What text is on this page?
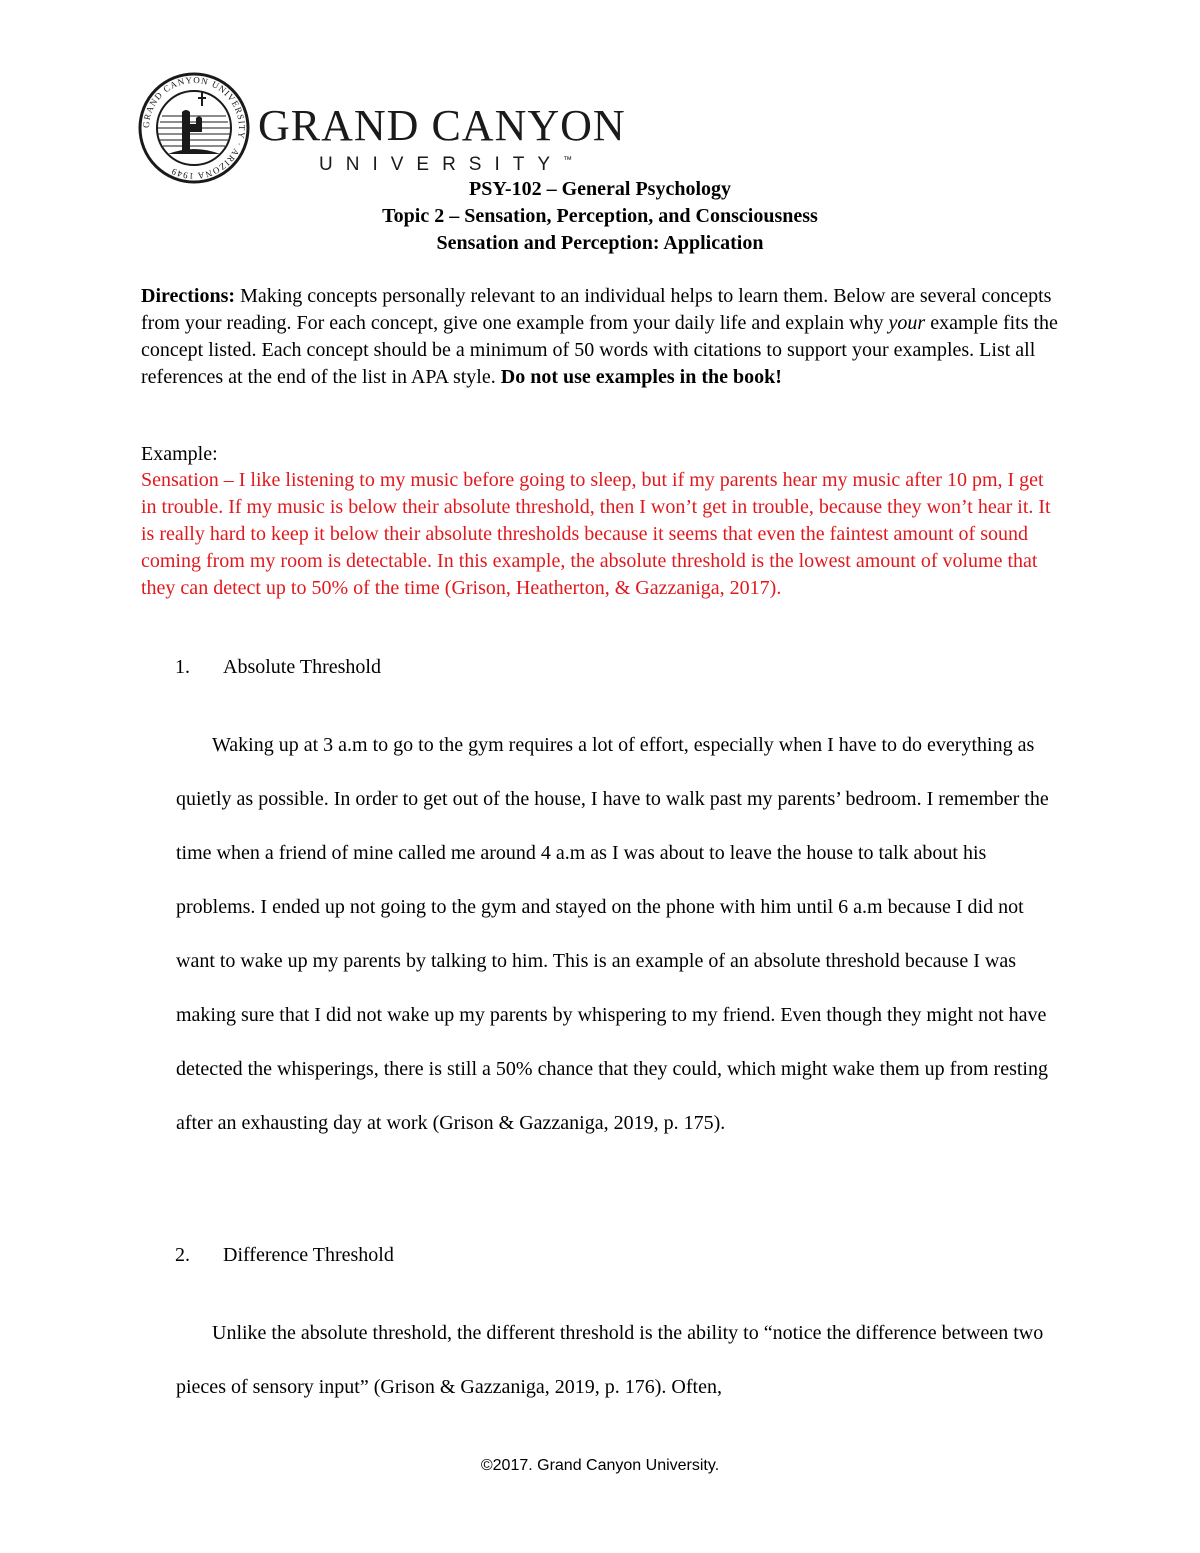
GRAND CANYON UNIVERSITY · ARIZONA 1949
GRAND CANYON
UNIVERSITY™
PSY-102 – General Psychology
Topic 2 – Sensation, Perception, and Consciousness
Sensation and Perception: Application
Directions: Making concepts personally relevant to an individual helps to learn them. Below are several concepts from your reading. For each concept, give one example from your daily life and explain why your example fits the concept listed. Each concept should be a minimum of 50 words with citations to support your examples. List all references at the end of the list in APA style. Do not use examples in the book!
Example:
Sensation – I like listening to my music before going to sleep, but if my parents hear my music after 10 pm, I get in trouble. If my music is below their absolute threshold, then I won’t get in trouble, because they won’t hear it. It is really hard to keep it below their absolute thresholds because it seems that even the faintest amount of sound coming from my room is detectable. In this example, the absolute threshold is the lowest amount of volume that they can detect up to 50% of the time (Grison, Heatherton, & Gazzaniga, 2017).
1. Absolute Threshold
Waking up at 3 a.m to go to the gym requires a lot of effort, especially when I have to do everything as quietly as possible. In order to get out of the house, I have to walk past my parents’ bedroom. I remember the time when a friend of mine called me around 4 a.m as I was about to leave the house to talk about his problems. I ended up not going to the gym and stayed on the phone with him until 6 a.m because I did not want to wake up my parents by talking to him. This is an example of an absolute threshold because I was making sure that I did not wake up my parents by whispering to my friend. Even though they might not have detected the whisperings, there is still a 50% chance that they could, which might wake them up from resting after an exhausting day at work (Grison & Gazzaniga, 2019, p. 175).
2. Difference Threshold
Unlike the absolute threshold, the different threshold is the ability to “notice the difference between two pieces of sensory input” (Grison & Gazzaniga, 2019, p. 176). Often,
©2017. Grand Canyon University.
